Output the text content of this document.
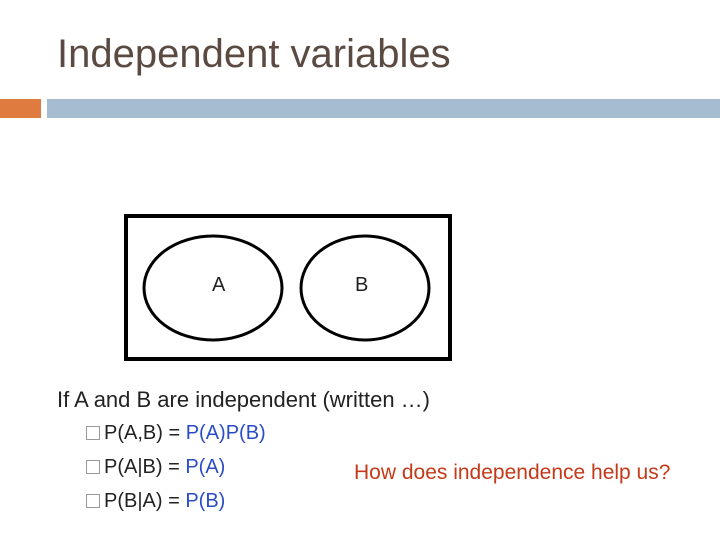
Independent variables
A	B
If A and B are independent (written …)
P(A,B) = P(A)P(B)
P(A|B) = P(A)
P(B|A) = P(B)
How does independence help us?
